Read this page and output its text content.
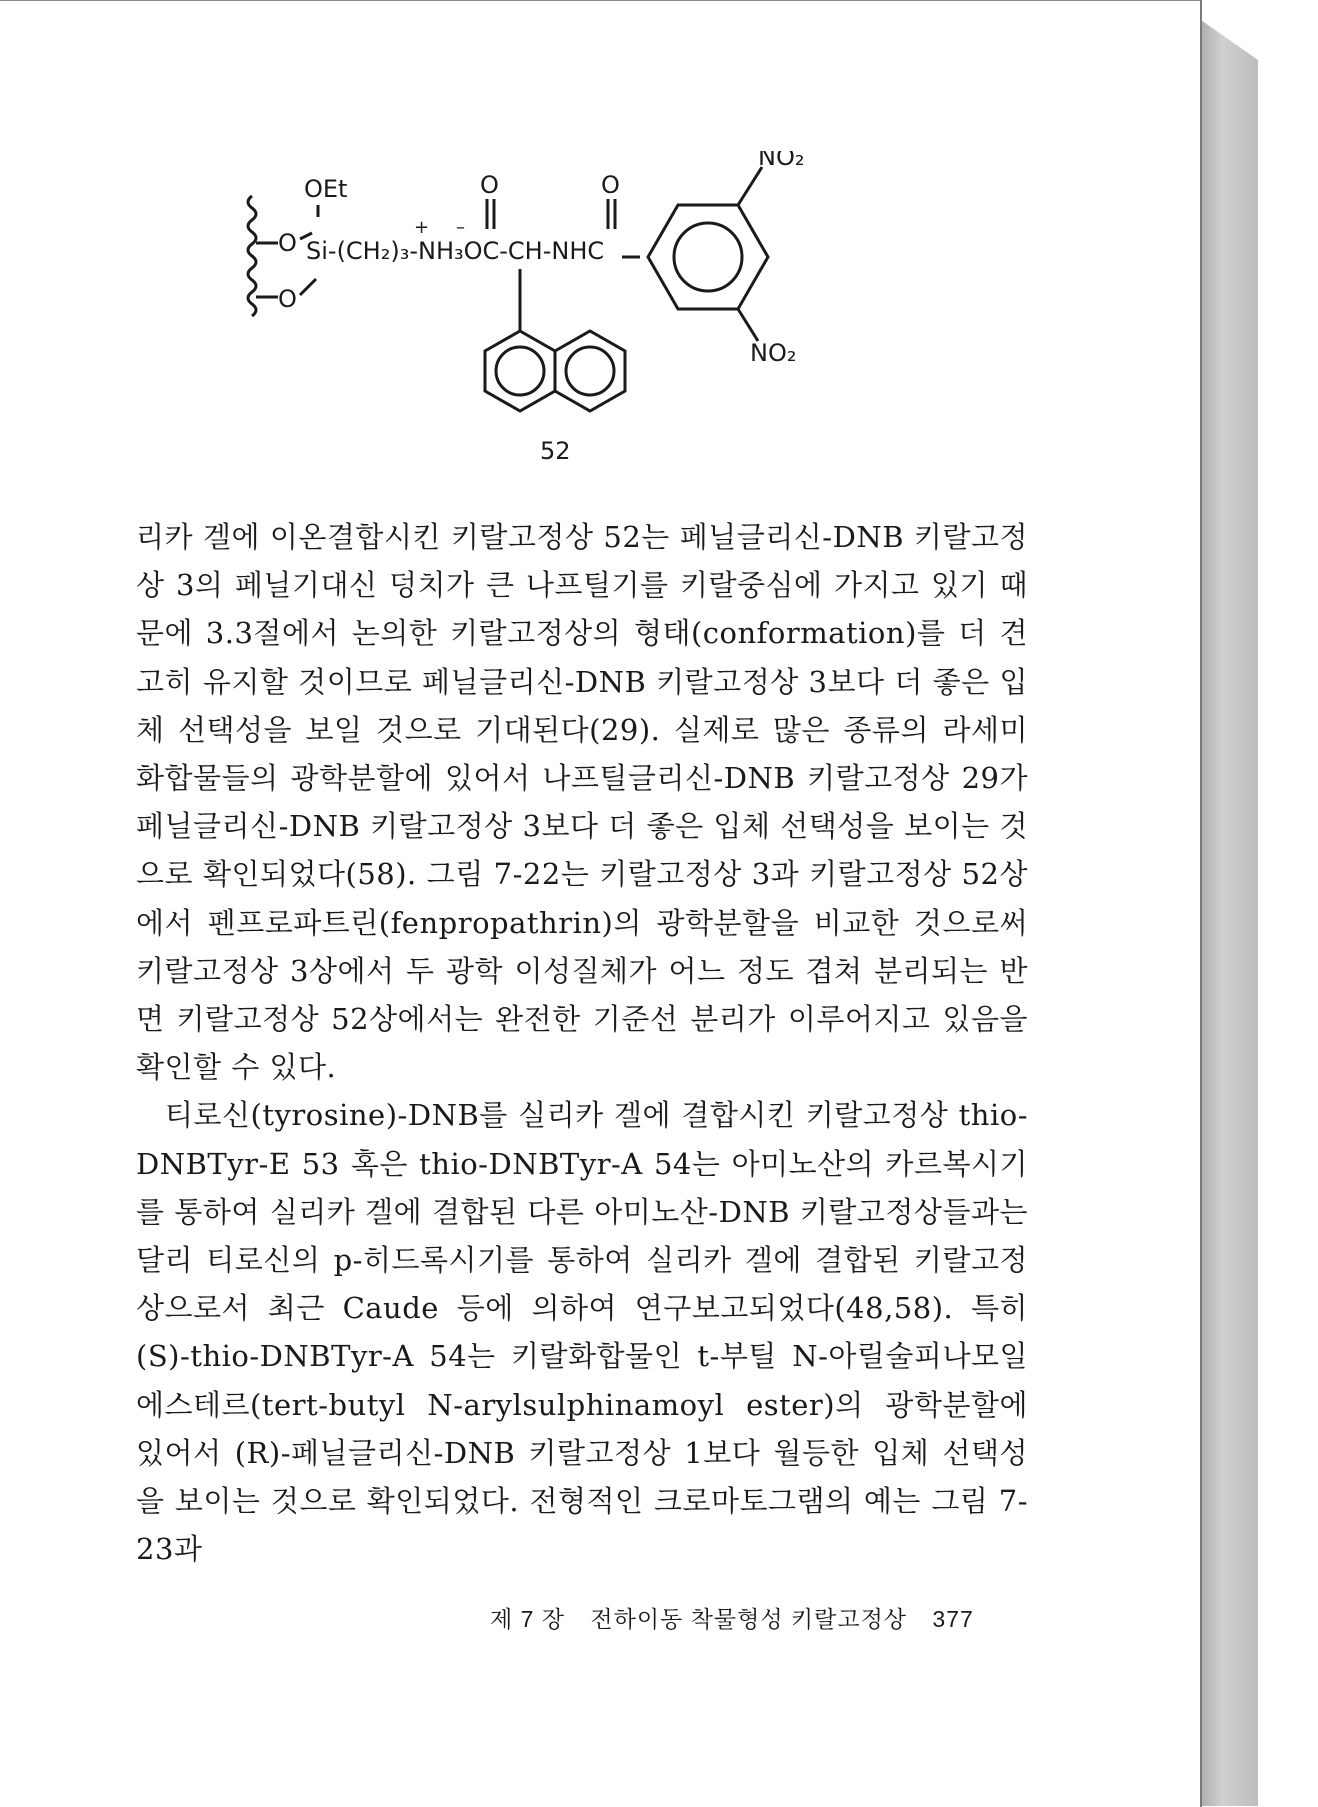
OEt
O
O
Si-(CH₂)₃-NH₃OC-CH-NHC
+ –
O	O
NO₂
NO₂
52

리카 겔에 이온결합시킨 키랄고정상 52는 페닐글리신-DNB 키랄고정상 3의 페닐기대신 덩치가 큰 나프틸기를 키랄중심에 가지고 있기 때문에 3.3절에서 논의한 키랄고정상의 형태(conformation)를 더 견고히 유지할 것이므로 페닐글리신-DNB 키랄고정상 3보다 더 좋은 입체 선택성을 보일 것으로 기대된다(29). 실제로 많은 종류의 라세미 화합물들의 광학분할에 있어서 나프틸글리신-DNB 키랄고정상 29가 페닐글리신-DNB 키랄고정상 3보다 더 좋은 입체 선택성을 보이는 것으로 확인되었다(58). 그림 7-22는 키랄고정상 3과 키랄고정상 52상에서 펜프로파트린(fenpropathrin)의 광학분할을 비교한 것으로써 키랄고정상 3상에서 두 광학 이성질체가 어느 정도 겹쳐 분리되는 반면 키랄고정상 52상에서는 완전한 기준선 분리가 이루어지고 있음을 확인할 수 있다.

티로신(tyrosine)-DNB를 실리카 겔에 결합시킨 키랄고정상 thio-DNBTyr-E 53 혹은 thio-DNBTyr-A 54는 아미노산의 카르복시기를 통하여 실리카 겔에 결합된 다른 아미노산-DNB 키랄고정상들과는 달리 티로신의 p-히드록시기를 통하여 실리카 겔에 결합된 키랄고정상으로서 최근 Caude 등에 의하여 연구보고되었다(48,58). 특히 (S)-thio-DNBTyr-A 54는 키랄화합물인 t-부틸 N-아릴술피나모일 에스테르(tert-butyl N-arylsulphinamoyl ester)의 광학분할에 있어서 (R)-페닐글리신-DNB 키랄고정상 1보다 월등한 입체 선택성을 보이는 것으로 확인되었다. 전형적인 크로마토그램의 예는 그림 7-23과

제 7 장 전하이동 착물형성 키랄고정상 377
